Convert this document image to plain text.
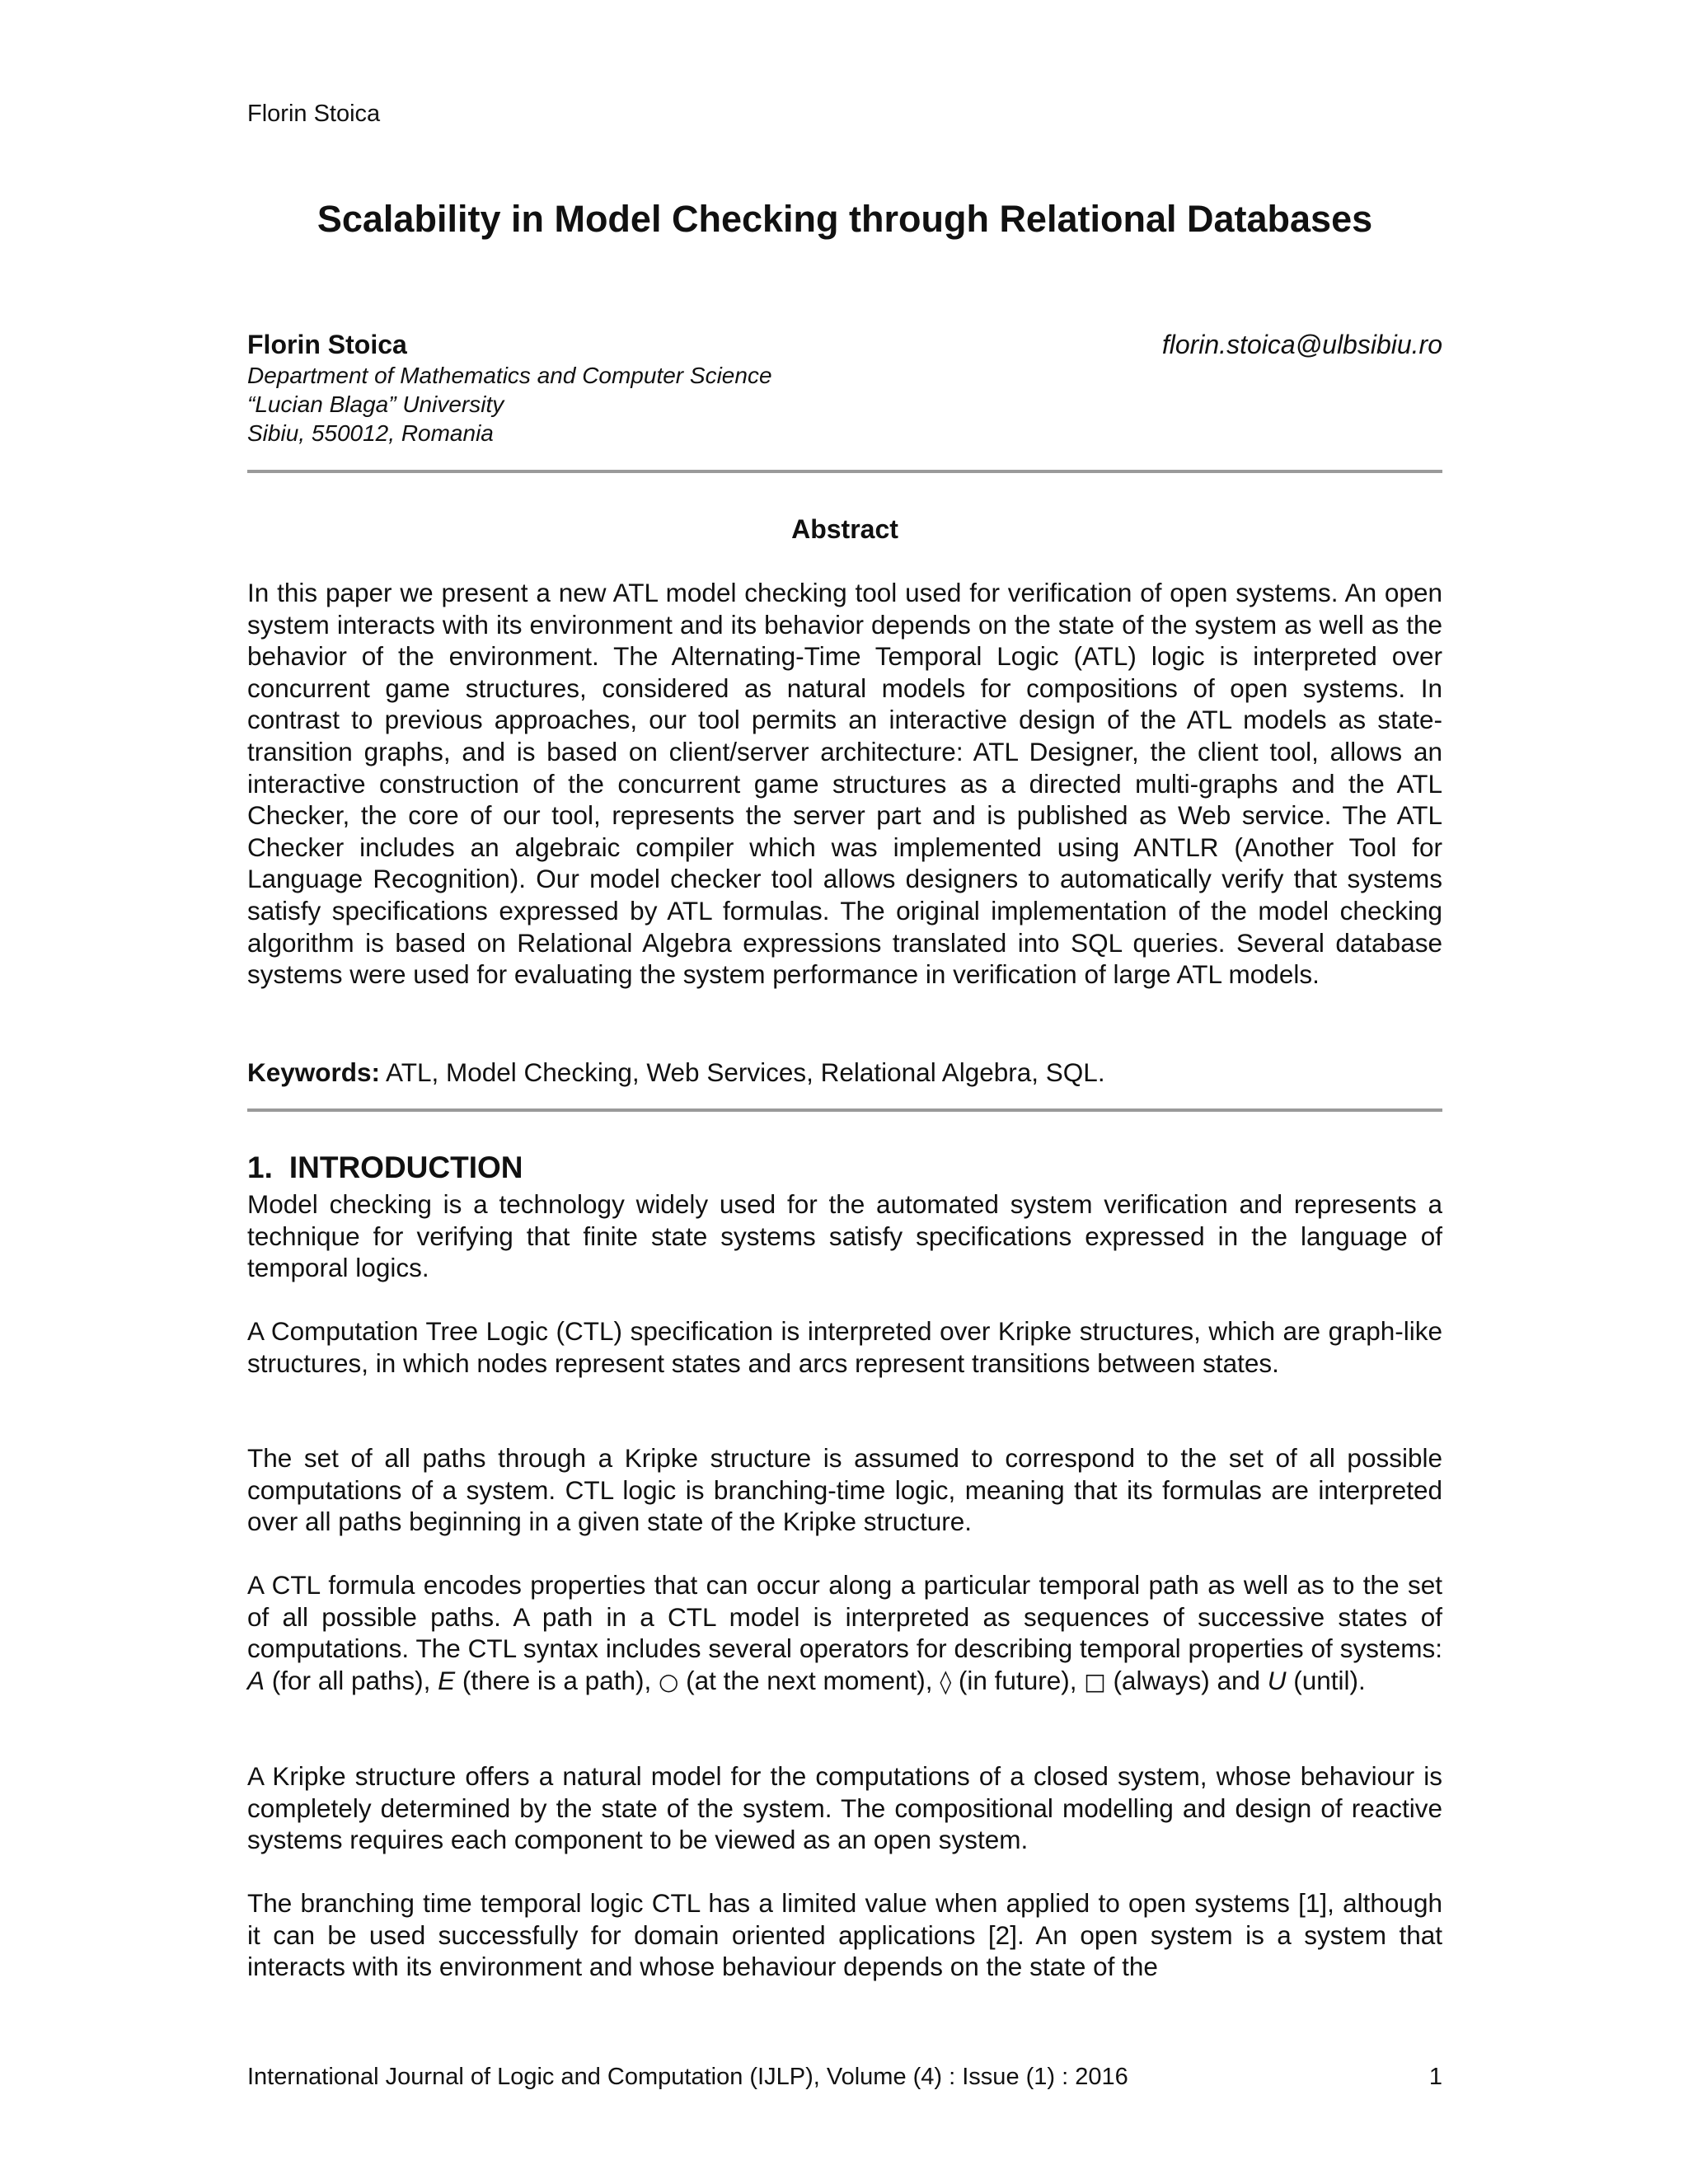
Florin Stoica
Scalability in Model Checking through Relational Databases
Florin Stoica	florin.stoica@ulbsibiu.ro
Department of Mathematics and Computer Science
“Lucian Blaga” University
Sibiu, 550012, Romania
Abstract

In this paper we present a new ATL model checking tool used for verification of open systems. An open system interacts with its environment and its behavior depends on the state of the system as well as the behavior of the environment. The Alternating-Time Temporal Logic (ATL) logic is interpreted over concurrent game structures, considered as natural models for compositions of open systems. In contrast to previous approaches, our tool permits an interactive design of the ATL models as state-transition graphs, and is based on client/server architecture: ATL Designer, the client tool, allows an interactive construction of the concurrent game structures as a directed multi-graphs and the ATL Checker, the core of our tool, represents the server part and is published as Web service. The ATL Checker includes an algebraic compiler which was implemented using ANTLR (Another Tool for Language Recognition). Our model checker tool allows designers to automatically verify that systems satisfy specifications expressed by ATL formulas. The original implementation of the model checking algorithm is based on Relational Algebra expressions translated into SQL queries. Several database systems were used for evaluating the system performance in verification of large ATL models.

Keywords: ATL, Model Checking, Web Services, Relational Algebra, SQL.

1. INTRODUCTION

Model checking is a technology widely used for the automated system verification and represents a technique for verifying that finite state systems satisfy specifications expressed in the language of temporal logics.

A Computation Tree Logic (CTL) specification is interpreted over Kripke structures, which are graph-like structures, in which nodes represent states and arcs represent transitions between states.

The set of all paths through a Kripke structure is assumed to correspond to the set of all possible computations of a system. CTL logic is branching-time logic, meaning that its formulas are interpreted over all paths beginning in a given state of the Kripke structure.

A CTL formula encodes properties that can occur along a particular temporal path as well as to the set of all possible paths. A path in a CTL model is interpreted as sequences of successive states of computations. The CTL syntax includes several operators for describing temporal properties of systems: A (for all paths), E (there is a path), ○ (at the next moment), ◊ (in future), □ (always) and U (until).

A Kripke structure offers a natural model for the computations of a closed system, whose behaviour is completely determined by the state of the system. The compositional modelling and design of reactive systems requires each component to be viewed as an open system.

The branching time temporal logic CTL has a limited value when applied to open systems [1], although it can be used successfully for domain oriented applications [2]. An open system is a system that interacts with its environment and whose behaviour depends on the state of the

International Journal of Logic and Computation (IJLP), Volume (4) : Issue (1) : 2016	1
